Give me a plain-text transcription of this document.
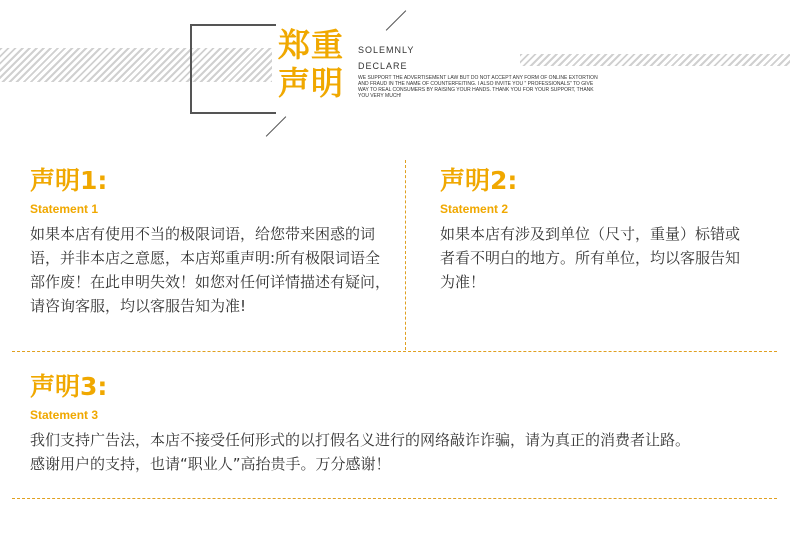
郑重
声明
SOLEMNLY
DECLARE
WE SUPPORT THE ADVERTISEMENT LAW BUT DO NOT ACCEPT ANY FORM OF ONLINE EXTORTION AND FRAUD IN THE NAME OF COUNTERFEITING. I ALSO INVITE YOU " PROFESSIONALS" TO GIVE WAY TO REAL CONSUMERS BY RAISING YOUR HANDS. THANK YOU FOR YOUR SUPPORT, THANK YOU VERY MUCH!
声明1:
Statement 1
如果本店有使用不当的极限词语，给您带来困惑的词语，并非本店之意愿，本店郑重声明:所有极限词语全部作废！在此申明失效！如您对任何详情描述有疑问，请咨询客服，均以客服告知为准!
声明2:
Statement 2
如果本店有涉及到单位（尺寸，重量）标错或者看不明白的地方。所有单位，均以客服告知为准！
声明3:
Statement 3
我们支持广告法，本店不接受任何形式的以打假名义进行的网络敲诈诈骗，请为真正的消费者让路。感谢用户的支持，也请“职业人”高抬贵手。万分感谢！
